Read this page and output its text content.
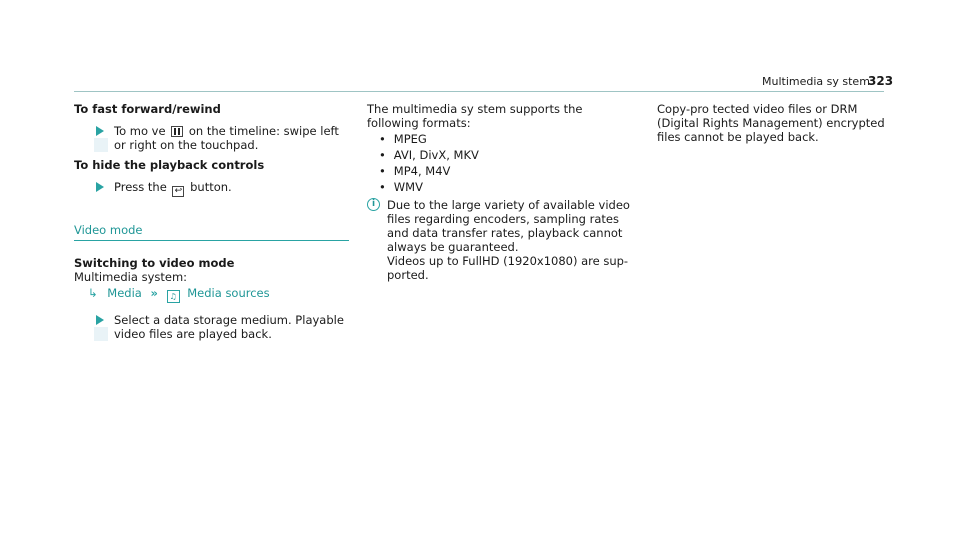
Multimedia sy stem
323

To fast forward/rewind

To mo ve on the timeline: swipe left or right on the touchpad.

To hide the playback controls

Press the ↩ button.

Video mode

Switching to video mode

Multimedia system:
↳ Media » ♫ Media sources
Select a data storage medium. Playable video files are played back.
The multimedia sy stem supports the following formats:
• MPEG
• AVI, DivX, MKV
• MP4, M4V
• WMV
i	Due to the large variety of available video files regarding encoders, sampling rates and data transfer rates, playback cannot always be guaranteed.
Videos up to FullHD (1920x1080) are sup- ported.
Copy-pro tected video files or DRM (Digital Rights Management) encrypted files cannot be played back.
